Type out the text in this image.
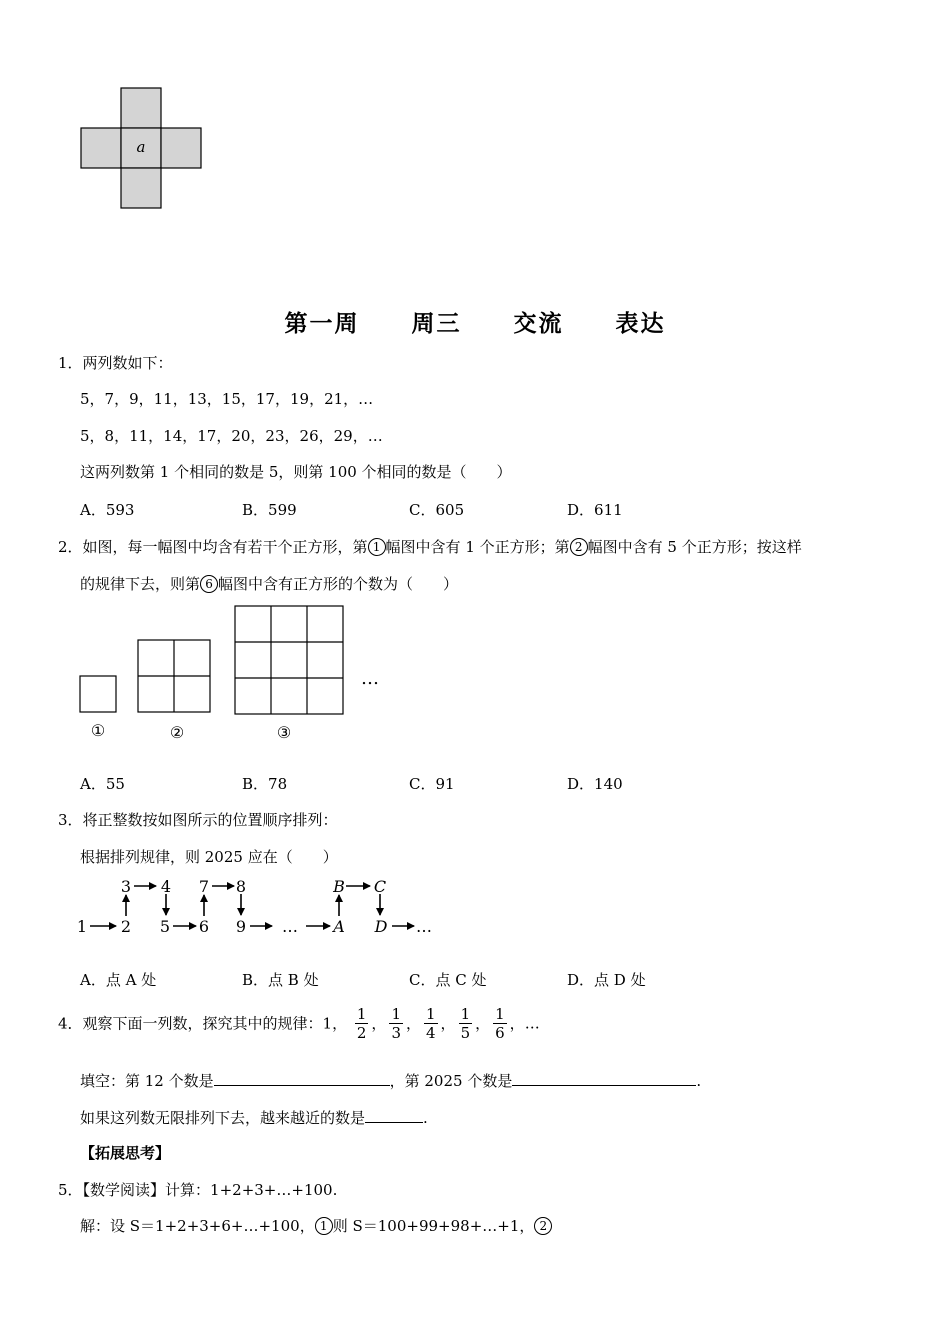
a
第一周 周三 交流 表达
1．两列数如下：
5，7，9，11，13，15，17，19，21，…
5，8，11，14，17，20，23，26，29，…
这两列数第 1 个相同的数是 5，则第 100 个相同的数是（　　）
A．593	B．599	C．605	D．611
2．如图，每一幅图中均含有若干个正方形，第 1 幅图中含有 1 个正方形；第 2 幅图中含有 5 个正方形；按这样
的规律下去，则第 6 幅图中含有正方形的个数为（　　）
…
①	②	③
A．55	B．78	C．91	D．140
3．将正整数按如图所示的位置顺序排列：
根据排列规律，则 2025 应在（　　）
3 4 7 8	B C
1 2 5 6 9 … A D …
A．点 A 处	B．点 B 处	C．点 C 处	D．点 D 处
4．观察下面一列数，探究其中的规律：1， $\frac{1}{2}$ ， $\frac{1}{3}$ ， $\frac{1}{4}$ ， $\frac{1}{5}$ ， $\frac{1}{6}$ ，…
填空：第 12 个数是	，第 2025 个数是	.
如果这列数无限排列下去，越来越近的数是	.
【拓展思考】
5．【数学阅读】计算：1+2+3+…+100.
解：设 S＝1+2+3+6+…+100， 1 则 S＝100+99+98+…+1， 2
